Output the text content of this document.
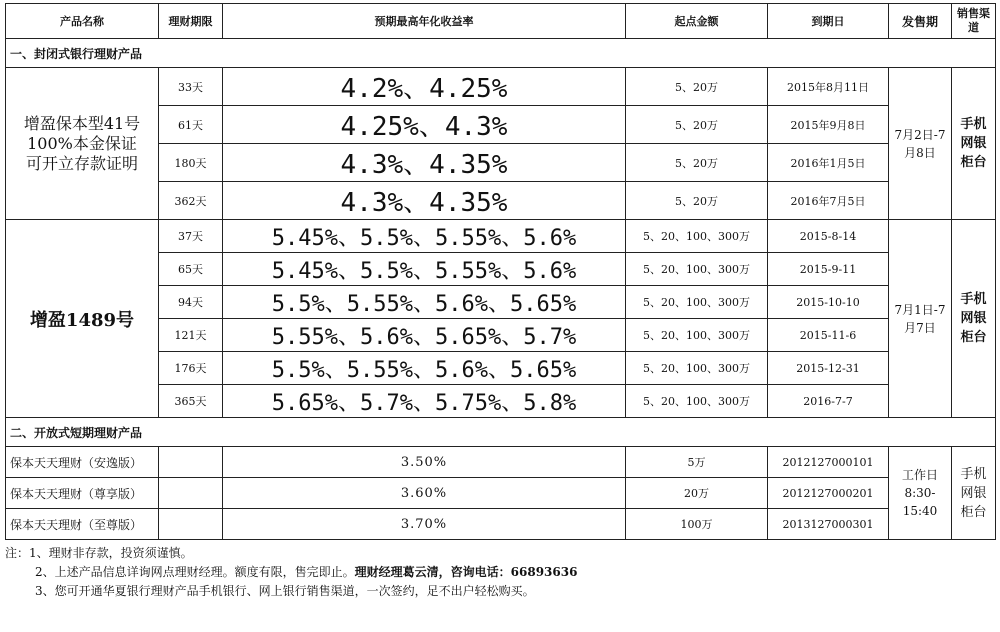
产品名称	理财期限	预期最高年化收益率	起点金额	到期日	发售期	销售渠道
一、封闭式银行理财产品						

增盈保本型41号
100%本金保证
可开立存款证明	33天	4.2%、4.25%	5、20万	2015年8月11日	7月2日-7月8日	手机网银柜台
	61天	4.25%、4.3%	5、20万	2015年9月8日		
	180天	4.3%、4.35%	5、20万	2016年1月5日		
	362天	4.3%、4.35%	5、20万	2016年7月5日		
增盈1489号	37天	5.45%、5.5%、5.55%、5.6%	5、20、100、300万	2015-8-14	7月1日-7月7日	手机网银柜台
	65天	5.45%、5.5%、5.55%、5.6%	5、20、100、300万	2015-9-11		
	94天	5.5%、5.55%、5.6%、5.65%	5、20、100、300万	2015-10-10		
	121天	5.55%、5.6%、5.65%、5.7%	5、20、100、300万	2015-11-6		
	176天	5.5%、5.55%、5.6%、5.65%	5、20、100、300万	2015-12-31		
	365天	5.65%、5.7%、5.75%、5.8%	5、20、100、300万	2016-7-7		
二、开放式短期理财产品						
保本天天理财（安逸版）		3.50%	5万	2012127000101	工作日
8:30-
15:40	手机网银柜台
保本天天理财（尊享版）		3.60%	20万	2012127000201		
保本天天理财（至尊版）		3.70%	100万	2013127000301		
注：1、理财非存款，投资须谨慎。
2、上述产品信息详询网点理财经理。额度有限，售完即止。理财经理葛云清，咨询电话：66893636
3、您可开通华夏银行理财产品手机银行、网上银行销售渠道，一次签约，足不出户轻松购买。
